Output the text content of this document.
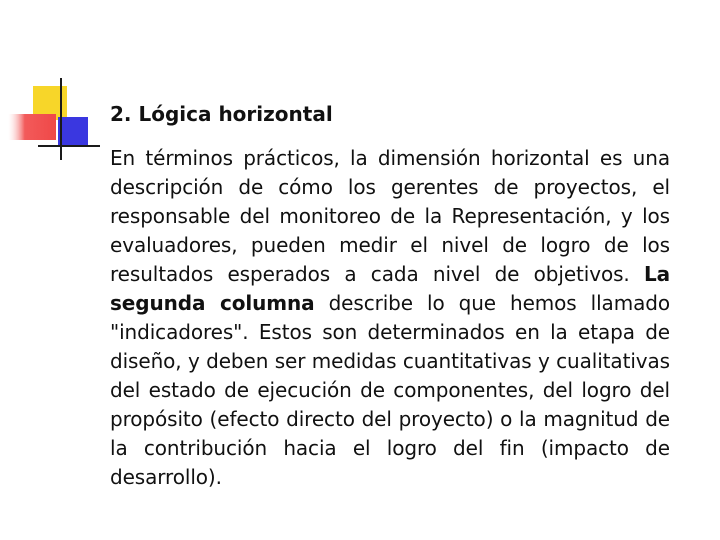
2. Lógica horizontal

En términos prácticos, la dimensión horizontal es una descripción de cómo los gerentes de proyectos, el responsable del monitoreo de la Representación, y los evaluadores, pueden medir el nivel de logro de los resultados esperados a cada nivel de objetivos. La segunda columna describe lo que hemos llamado "indicadores". Estos son determinados en la etapa de diseño, y deben ser medidas cuantitativas y cualitativas del estado de ejecución de componentes, del logro del propósito (efecto directo del proyecto) o la magnitud de la contribución hacia el logro del fin (impacto de desarrollo).
